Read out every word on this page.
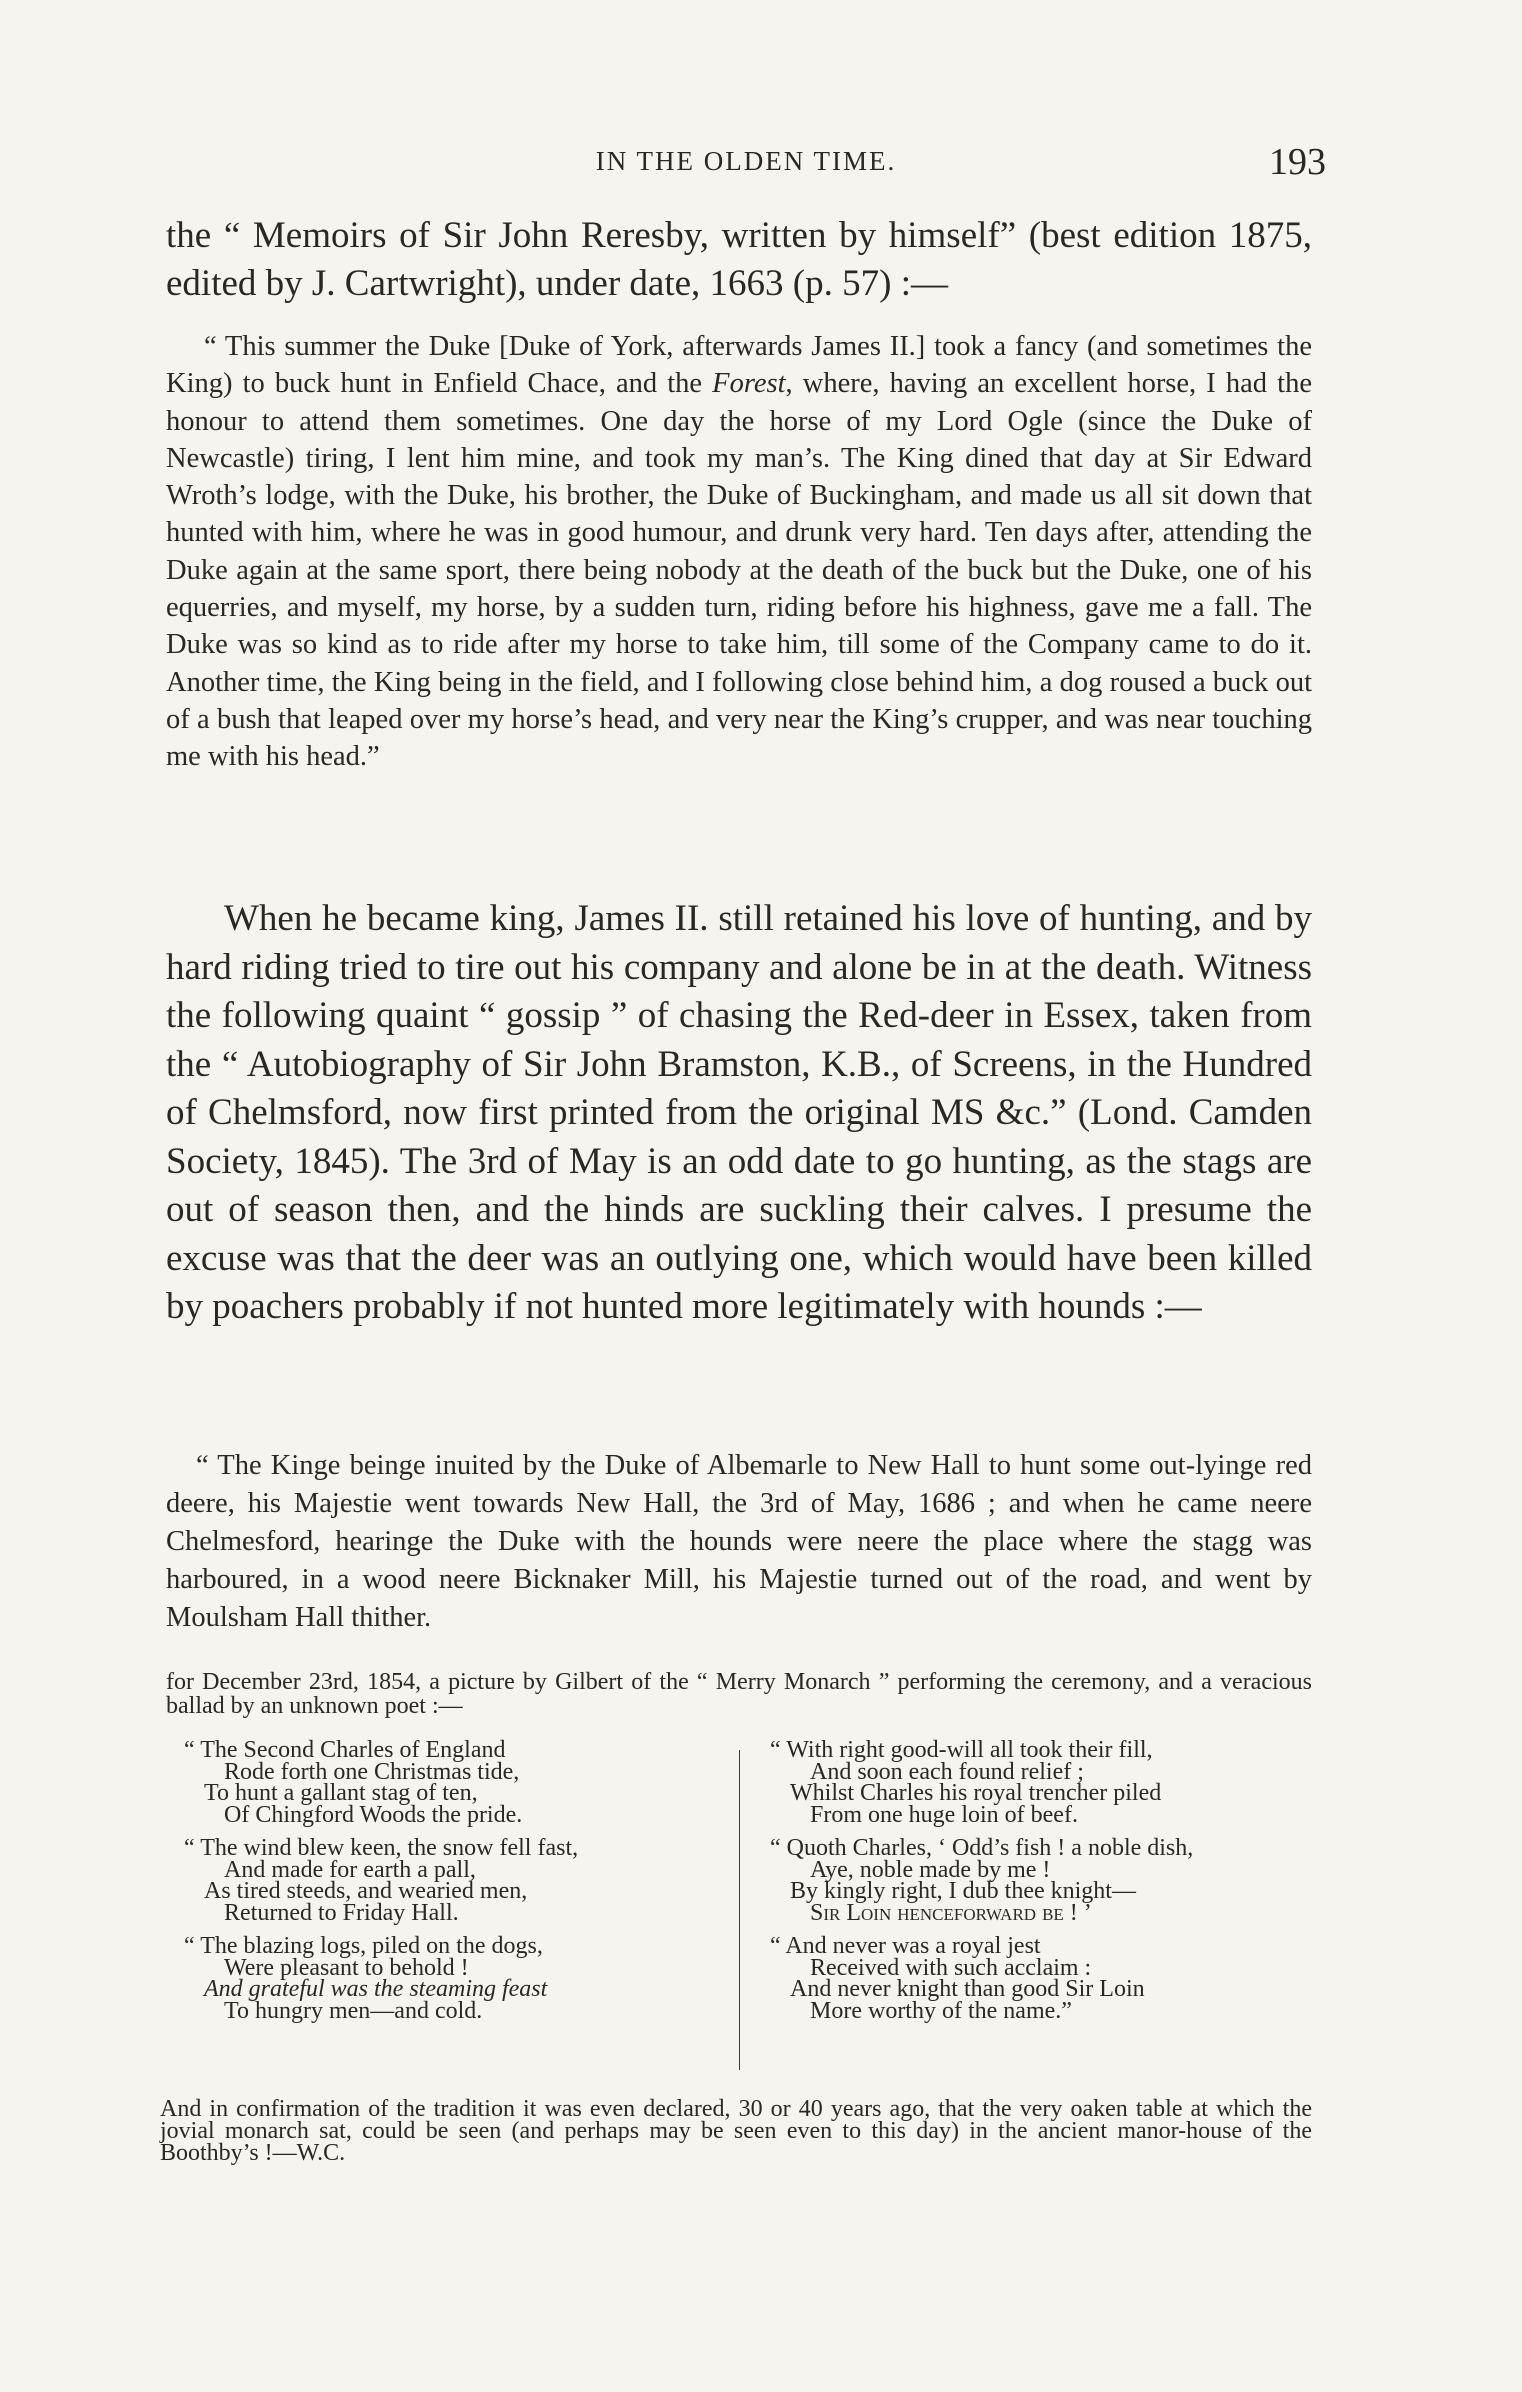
IN THE OLDEN TIME.	193

the “ Memoirs of Sir John Reresby, written by himself” (best edition 1875, edited by J. Cartwright), under date, 1663 (p. 57) :—

“ This summer the Duke [Duke of York, afterwards James II.] took a fancy (and sometimes the King) to buck hunt in Enfield Chace, and the Forest, where, having an excellent horse, I had the honour to attend them sometimes. One day the horse of my Lord Ogle (since the Duke of Newcastle) tiring, I lent him mine, and took my man’s. The King dined that day at Sir Edward Wroth’s lodge, with the Duke, his brother, the Duke of Buckingham, and made us all sit down that hunted with him, where he was in good humour, and drunk very hard. Ten days after, attending the Duke again at the same sport, there being nobody at the death of the buck but the Duke, one of his equerries, and myself, my horse, by a sudden turn, riding before his highness, gave me a fall. The Duke was so kind as to ride after my horse to take him, till some of the Company came to do it. Another time, the King being in the field, and I following close behind him, a dog roused a buck out of a bush that leaped over my horse’s head, and very near the King’s crupper, and was near touching me with his head.”

When he became king, James II. still retained his love of hunting, and by hard riding tried to tire out his company and alone be in at the death. Witness the following quaint “ gossip ” of chasing the Red-deer in Essex, taken from the “ Autobiography of Sir John Bramston, K.B., of Screens, in the Hundred of Chelmsford, now first printed from the original MS &c.” (Lond. Camden Society, 1845). The 3rd of May is an odd date to go hunting, as the stags are out of season then, and the hinds are suckling their calves. I presume the excuse was that the deer was an outlying one, which would have been killed by poachers probably if not hunted more legitimately with hounds :—

“ The Kinge beinge inuited by the Duke of Albemarle to New Hall to hunt some out-lyinge red deere, his Majestie went towards New Hall, the 3rd of May, 1686 ; and when he came neere Chelmesford, hearinge the Duke with the hounds were neere the place where the stagg was harboured, in a wood neere Bicknaker Mill, his Majestie turned out of the road, and went by Moulsham Hall thither.

for December 23rd, 1854, a picture by Gilbert of the “ Merry Monarch ” performing the ceremony, and a veracious ballad by an unknown poet :—

“ The Second Charles of England
Rode forth one Christmas tide,
To hunt a gallant stag of ten,
Of Chingford Woods the pride.
“ The wind blew keen, the snow fell fast,
And made for earth a pall,
As tired steeds, and wearied men,
Returned to Friday Hall.
“ The blazing logs, piled on the dogs,
Were pleasant to behold !
And grateful was the steaming feast
To hungry men—and cold.
“ With right good-will all took their fill,
And soon each found relief ;
Whilst Charles his royal trencher piled
From one huge loin of beef.
“ Quoth Charles, ‘ Odd’s fish ! a noble dish,
Aye, noble made by me !
By kingly right, I dub thee knight—
Sir Loin henceforward be ! ’
“ And never was a royal jest
Received with such acclaim :
And never knight than good Sir Loin
More worthy of the name.”

And in confirmation of the tradition it was even declared, 30 or 40 years ago, that the very oaken table at which the jovial monarch sat, could be seen (and perhaps may be seen even to this day) in the ancient manor-house of the Boothby’s !—W.C.
